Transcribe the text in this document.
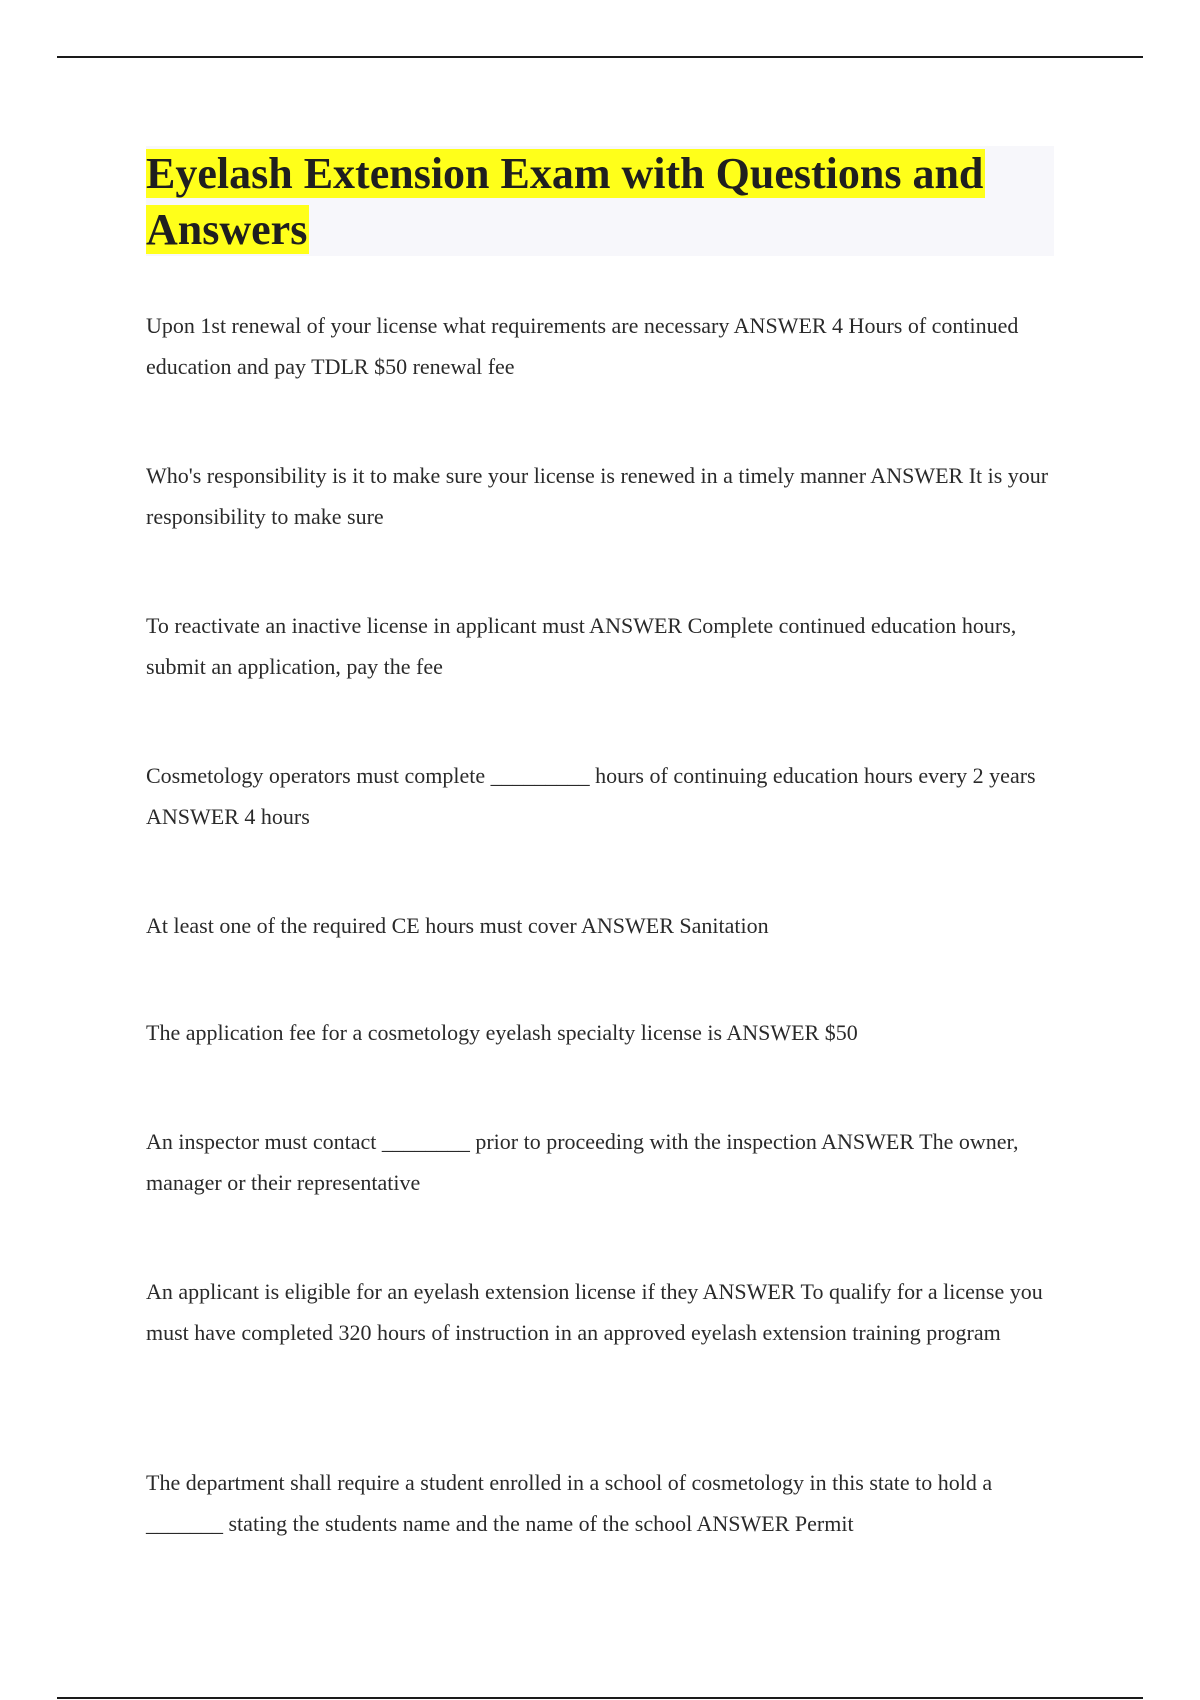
Eyelash Extension Exam with Questions and Answers

Upon 1st renewal of your license what requirements are necessary ANSWER 4 Hours of continued education and pay TDLR $50 renewal fee

Who's responsibility is it to make sure your license is renewed in a timely manner ANSWER It is your responsibility to make sure

To reactivate an inactive license in applicant must ANSWER Complete continued education hours, submit an application, pay the fee

Cosmetology operators must complete _________ hours of continuing education hours every 2 years ANSWER 4 hours

At least one of the required CE hours must cover ANSWER Sanitation

The application fee for a cosmetology eyelash specialty license is ANSWER $50

An inspector must contact ________ prior to proceeding with the inspection ANSWER The owner, manager or their representative

An applicant is eligible for an eyelash extension license if they ANSWER To qualify for a license you must have completed 320 hours of instruction in an approved eyelash extension training program

The department shall require a student enrolled in a school of cosmetology in this state to hold a _______ stating the students name and the name of the school ANSWER Permit
